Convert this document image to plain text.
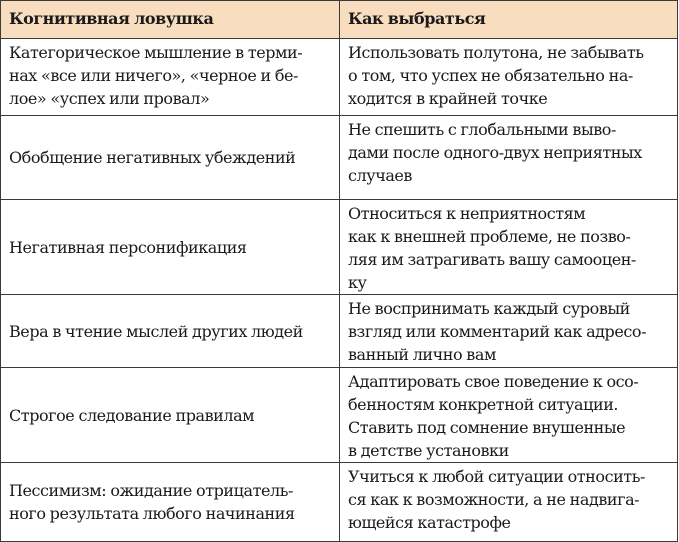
Когнитивная ловушка	Как выбраться

Категорическое мышление в терми-
нах «все или ничего», «черное и бе-
лое» «успех или провал»	Использовать полутона, не забывать
о том, что успех не обязательно на-
ходится в крайней точке

Обобщение негативных убеждений	Не спешить с глобальными выво-
дами после одного-двух неприятных
случаев

Негативная персонификация	Относиться к неприятностям
как к внешней проблеме, не позво-
ляя им затрагивать вашу самооцен-
ку

Вера в чтение мыслей других людей	Не воспринимать каждый суровый
взгляд или комментарий как адресо-
ванный лично вам

Строгое следование правилам	Адаптировать свое поведение к осо-
бенностям конкретной ситуации.
Ставить под сомнение внушенные
в детстве установки

Пессимизм: ожидание отрицатель-
ного результата любого начинания	Учиться к любой ситуации относить-
ся как к возможности, а не надвига-
ющейся катастрофе
